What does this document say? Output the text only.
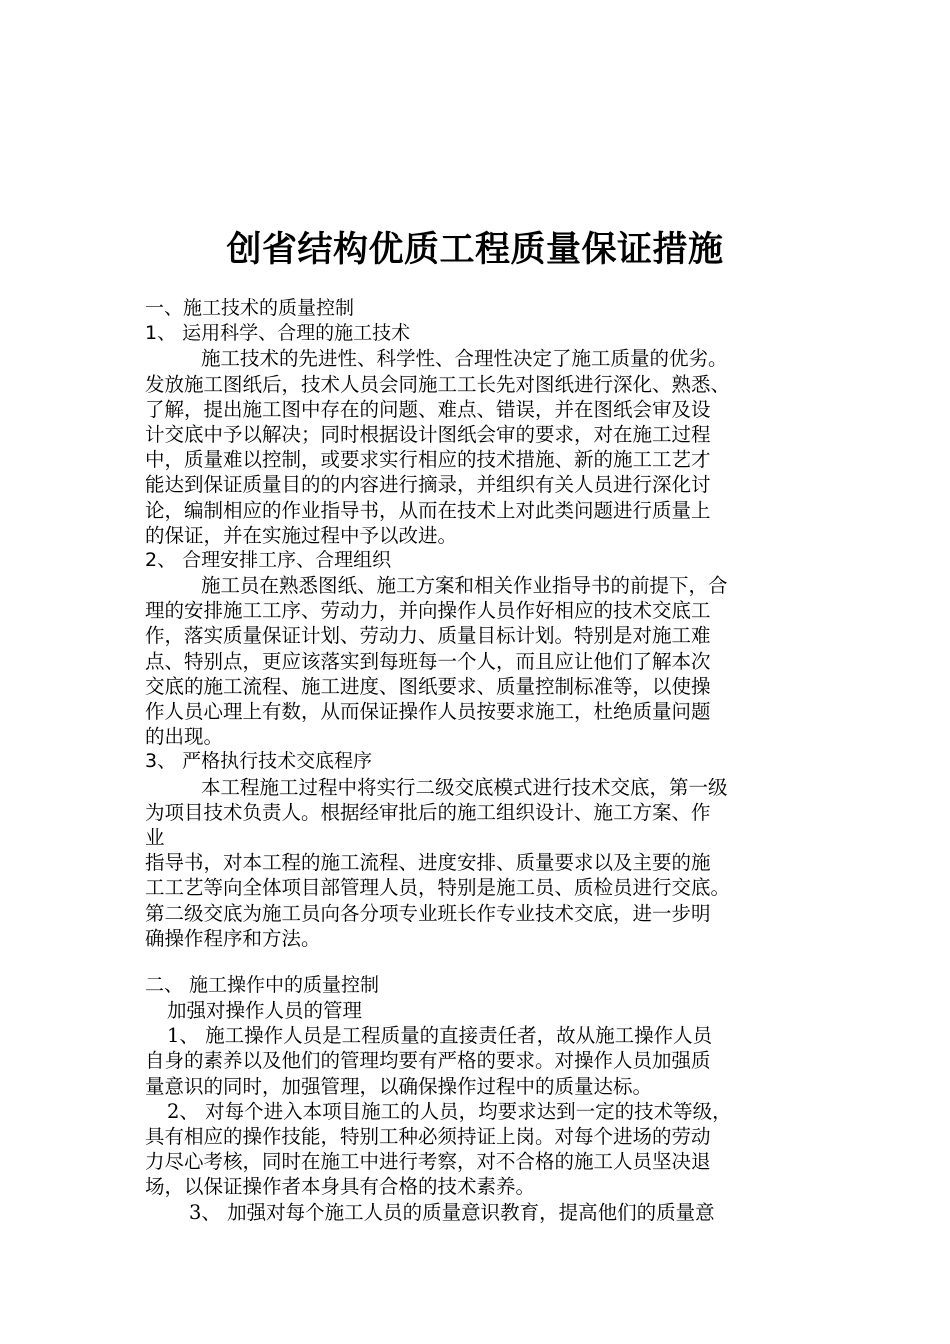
创省结构优质工程质量保证措施
一、施工技术的质量控制
1、 运用科学、合理的施工技术
施工技术的先进性、科学性、合理性决定了施工质量的优劣。
发放施工图纸后，技术人员会同施工工长先对图纸进行深化、熟悉、
了解，提出施工图中存在的问题、难点、错误，并在图纸会审及设
计交底中予以解决；同时根据设计图纸会审的要求，对在施工过程
中，质量难以控制，或要求实行相应的技术措施、新的施工工艺才
能达到保证质量目的的内容进行摘录，并组织有关人员进行深化讨
论，编制相应的作业指导书，从而在技术上对此类问题进行质量上
的保证，并在实施过程中予以改进。
2、 合理安排工序、合理组织
施工员在熟悉图纸、施工方案和相关作业指导书的前提下，合
理的安排施工工序、劳动力，并向操作人员作好相应的技术交底工
作，落实质量保证计划、劳动力、质量目标计划。特别是对施工难
点、特别点，更应该落实到每班每一个人，而且应让他们了解本次
交底的施工流程、施工进度、图纸要求、质量控制标准等，以使操
作人员心理上有数，从而保证操作人员按要求施工，杜绝质量问题
的出现。
3、 严格执行技术交底程序
本工程施工过程中将实行二级交底模式进行技术交底，第一级
为项目技术负责人。根据经审批后的施工组织设计、施工方案、作
业
指导书，对本工程的施工流程、进度安排、质量要求以及主要的施
工工艺等向全体项目部管理人员，特别是施工员、质检员进行交底。
第二级交底为施工员向各分项专业班长作专业技术交底，进一步明
确操作程序和方法。
二、 施工操作中的质量控制
加强对操作人员的管理
1、 施工操作人员是工程质量的直接责任者，故从施工操作人员
自身的素养以及他们的管理均要有严格的要求。对操作人员加强质
量意识的同时，加强管理，以确保操作过程中的质量达标。
2、 对每个进入本项目施工的人员，均要求达到一定的技术等级，
具有相应的操作技能，特别工种必须持证上岗。对每个进场的劳动
力尽心考核，同时在施工中进行考察，对不合格的施工人员坚决退
场，以保证操作者本身具有合格的技术素养。
3、 加强对每个施工人员的质量意识教育，提高他们的质量意
